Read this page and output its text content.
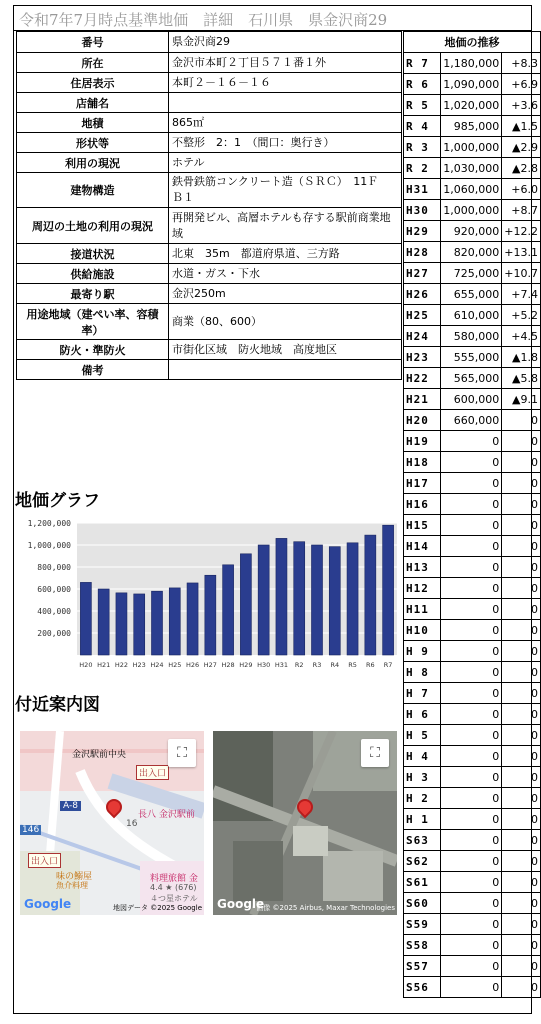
令和7年7月時点基準地価　詳細　石川県　県金沢商29
番号	県金沢商29
所在	金沢市本町２丁目５７１番１外
住居表示	本町２－１６－１６
店舗名	
地積	865㎡
形状等	不整形　2：1　（間口：奥行き）
利用の現況	ホテル
建物構造	鉄骨鉄筋コンクリート造（ＳＲＣ）　11Ｆ　Ｂ１
周辺の土地の利用の現況	再開発ビル、高層ホテルも存する駅前商業地域
接道状況	北東　35m　都道府県道、三方路
供給施設	水道・ガス・下水
最寄り駅	金沢250m
用途地域（建ぺい率、容積率）	商業（80、600）
防火・準防火	市街化区域　防火地域　高度地区
備考	
地価の推移		
R 7	1,180,000	+8.3
R 6	1,090,000	+6.9
R 5	1,020,000	+3.6
R 4	985,000	▲1.5
R 3	1,000,000	▲2.9
R 2	1,030,000	▲2.8
H31	1,060,000	+6.0
H30	1,000,000	+8.7
H29	920,000	+12.2
H28	820,000	+13.1
H27	725,000	+10.7
H26	655,000	+7.4
H25	610,000	+5.2
H24	580,000	+4.5
H23	555,000	▲1.8
H22	565,000	▲5.8
H21	600,000	▲9.1
H20	660,000	0
H19	0	0
H18	0	0
H17	0	0
H16	0	0
H15	0	0
H14	0	0
H13	0	0
H12	0	0
H11	0	0
H10	0	0
H 9	0	0
H 8	0	0
H 7	0	0
H 6	0	0
H 5	0	0
H 4	0	0
H 3	0	0
H 2	0	0
H 1	0	0
S63	0	0
S62	0	0
S61	0	0
S60	0	0
S59	0	0
S58	0	0
S57	0	0
S56	0	0
地価グラフ
200,000
400,000
600,000
800,000
1,000,000
1,200,000
H20 H21 H22 H23 H24 H25 H26 H27 H28 H29 H30 H31 R2 R3 R4 R5 R6 R7
付近案内図
金沢駅前中央
出入口
長八 金沢駅前
A-8
16
146
出入口
味の鰯屋
魚介料理
料理旅館 金
4.4 ★ (676)
４つ星ホテル
⛶
Google	地図データ ©2025 Google
⛶
Google
画像 ©2025 Airbus, Maxar Technologies
